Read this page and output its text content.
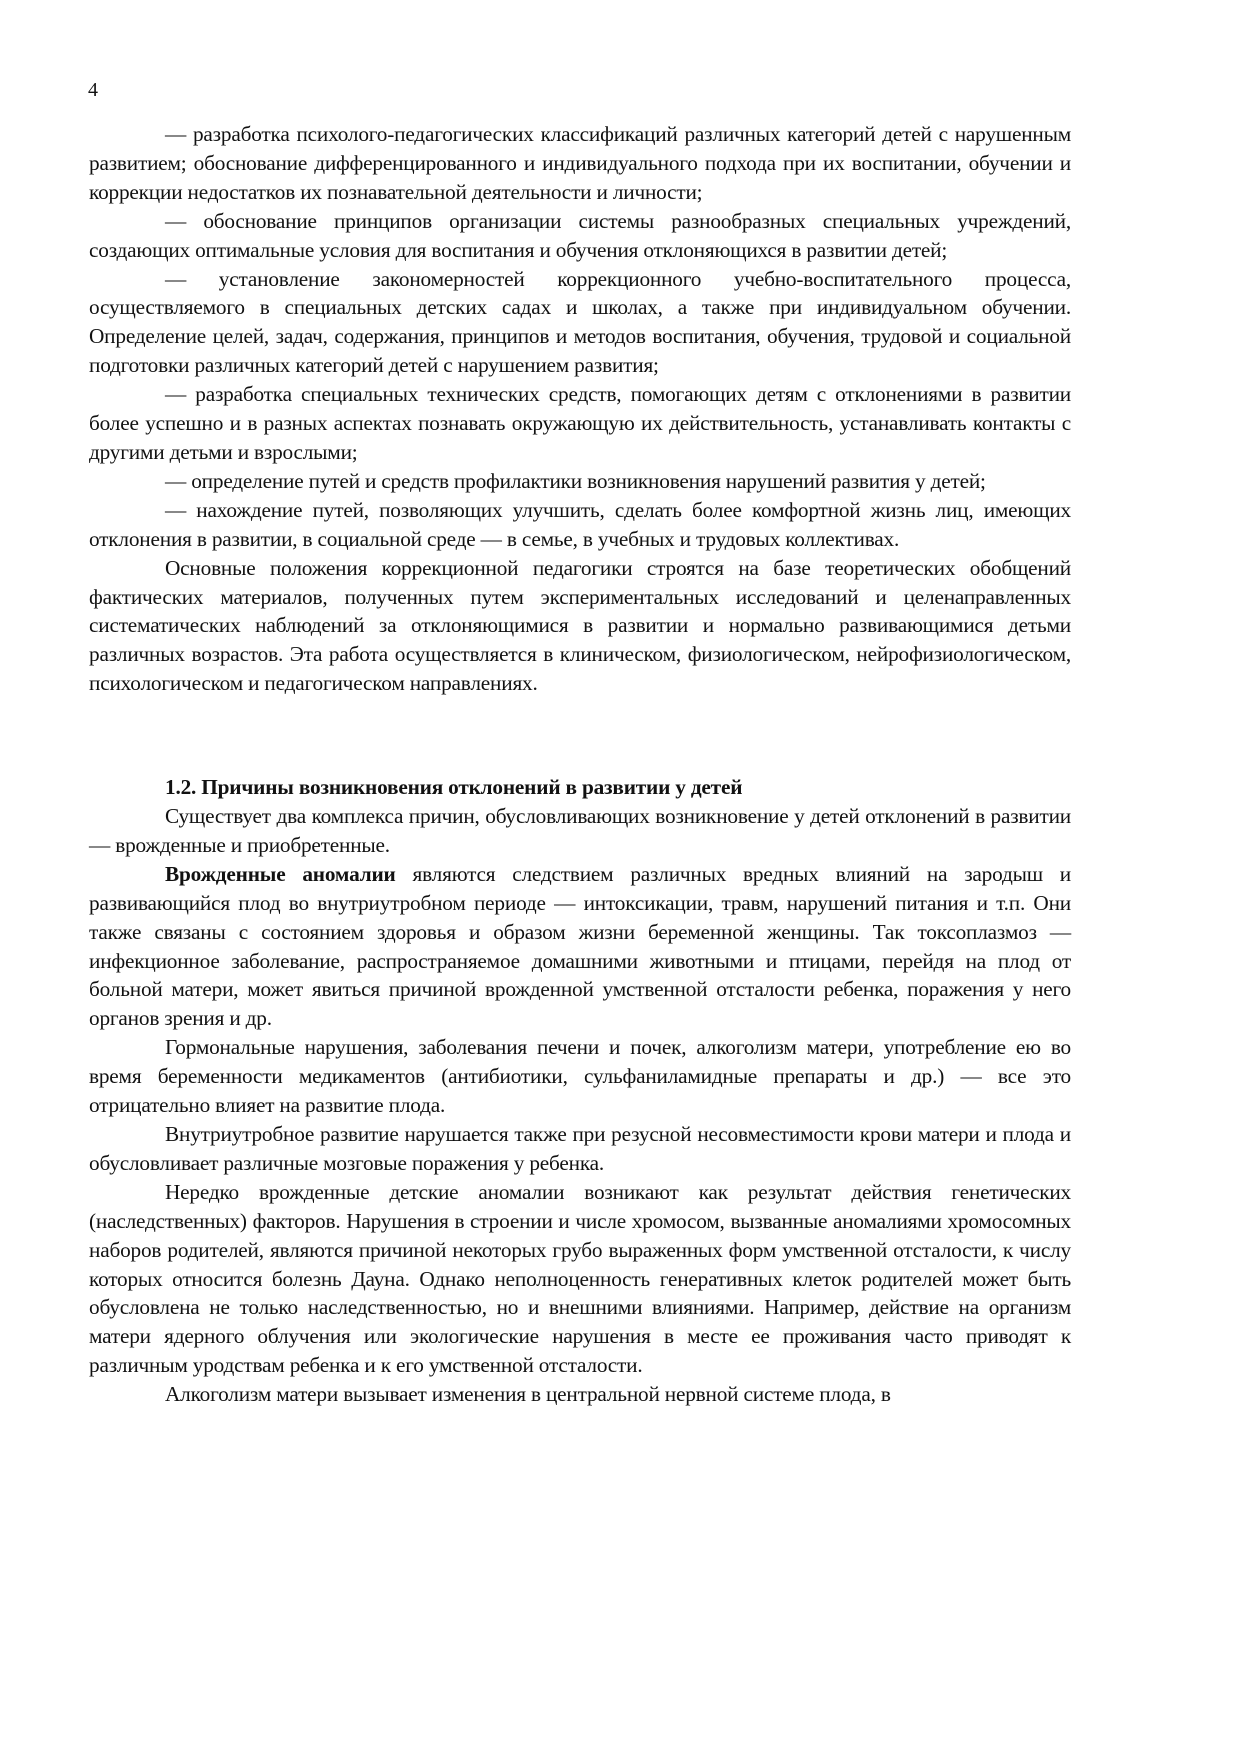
4

— разработка психолого-педагогических классификаций различных категорий детей с нарушенным развитием; обоснование дифференцированного и индивидуального подхода при их воспитании, обучении и коррекции недостатков их познавательной деятельности и личности;

— обоснование принципов организации системы разнообразных специальных учреждений, создающих оптимальные условия для воспитания и обучения отклоняющихся в развитии детей;

— установление закономерностей коррекционного учебно-воспитательного процесса, осуществляемого в специальных детских садах и школах, а также при индивидуальном обучении. Определение целей, задач, содержания, принципов и методов воспитания, обучения, трудовой и социальной подготовки различных категорий детей с нарушением развития;

— разработка специальных технических средств, помогающих детям с отклонениями в развитии более успешно и в разных аспектах познавать окружающую их действительность, устанавливать контакты с другими детьми и взрослыми;

— определение путей и средств профилактики возникновения нарушений развития у детей;

— нахождение путей, позволяющих улучшить, сделать более комфортной жизнь лиц, имеющих отклонения в развитии, в социальной среде — в семье, в учебных и трудовых коллективах.

Основные положения коррекционной педагогики строятся на базе теоретических обобщений фактических материалов, полученных путем экспериментальных исследований и целенаправленных систематических наблюдений за отклоняющимися в развитии и нормально развивающимися детьми различных возрастов. Эта работа осуществляется в клиническом, физиологическом, нейрофизиологическом, психологическом и педагогическом направлениях.

1.2. Причины возникновения отклонений в развитии у детей

Существует два комплекса причин, обусловливающих возникновение у детей отклонений в развитии — врожденные и приобретенные.

Врожденные аномалии являются следствием различных вредных влияний на зародыш и развивающийся плод во внутриутробном периоде — интоксикации, травм, нарушений питания и т.п. Они также связаны с состоянием здоровья и образом жизни беременной женщины. Так токсоплазмоз — инфекционное заболевание, распространяемое домашними животными и птицами, перейдя на плод от больной матери, может явиться причиной врожденной умственной отсталости ребенка, поражения у него органов зрения и др.

Гормональные нарушения, заболевания печени и почек, алкоголизм матери, употребление ею во время беременности медикаментов (антибиотики, сульфаниламидные препараты и др.) — все это отрицательно влияет на развитие плода.

Внутриутробное развитие нарушается также при резусной несовместимости крови матери и плода и обусловливает различные мозговые поражения у ребенка.

Нередко врожденные детские аномалии возникают как результат действия генетических (наследственных) факторов. Нарушения в строении и числе хромосом, вызванные аномалиями хромосомных наборов родителей, являются причиной некоторых грубо выраженных форм умственной отсталости, к числу которых относится болезнь Дауна. Однако неполноценность генеративных клеток родителей может быть обусловлена не только наследственностью, но и внешними влияниями. Например, действие на организм матери ядерного облучения или экологические нарушения в месте ее проживания часто приводят к различным уродствам ребенка и к его умственной отсталости.

Алкоголизм матери вызывает изменения в центральной нервной системе плода, в
